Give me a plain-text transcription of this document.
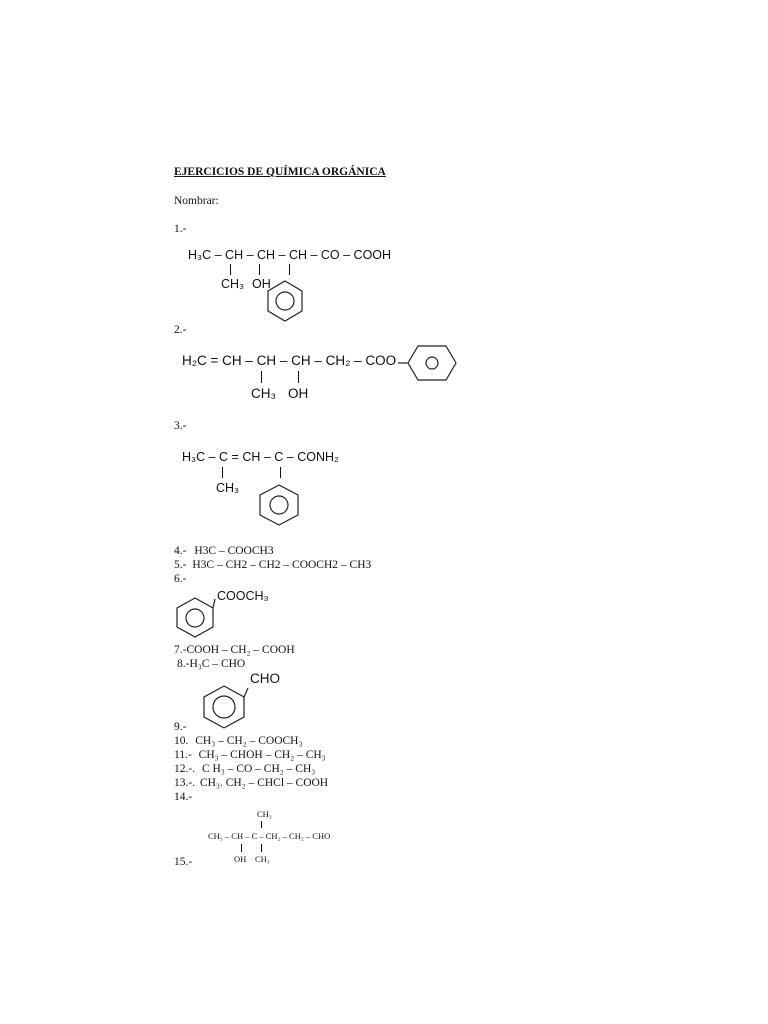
EJERCICIOS DE QUÍMICA ORGÁNICA
Nombrar:
1.-
H₃C – CH – CH – CH – CO – COOH
CH₃ OH
2.-
H₂C = CH – CH – CH – CH₂ – COO
CH₃ OH
3.-
H₃C – C = CH – C – CONH₂
CH₃
4.- H3C – COOCH3
5.- H3C – CH2 – CH2 – COOCH2 – CH3
6.-
COOCH₃
7.-COOH – CH₂ – COOH
8.-H₃C – CHO
CHO
9.-
10. CH₃ – CH₂ – COOCH₃
11.- CH₃ – CHOH – CH₂ – CH₃
12.-. C H₃ – CO – CH₂ – CH₃
13.-. CH₃. CH₂ – CHCl – COOH
14.-
CH₃
CH₃ – CH – C – CH₂ – CH₂ – CHO
OH CH₃
15.-
